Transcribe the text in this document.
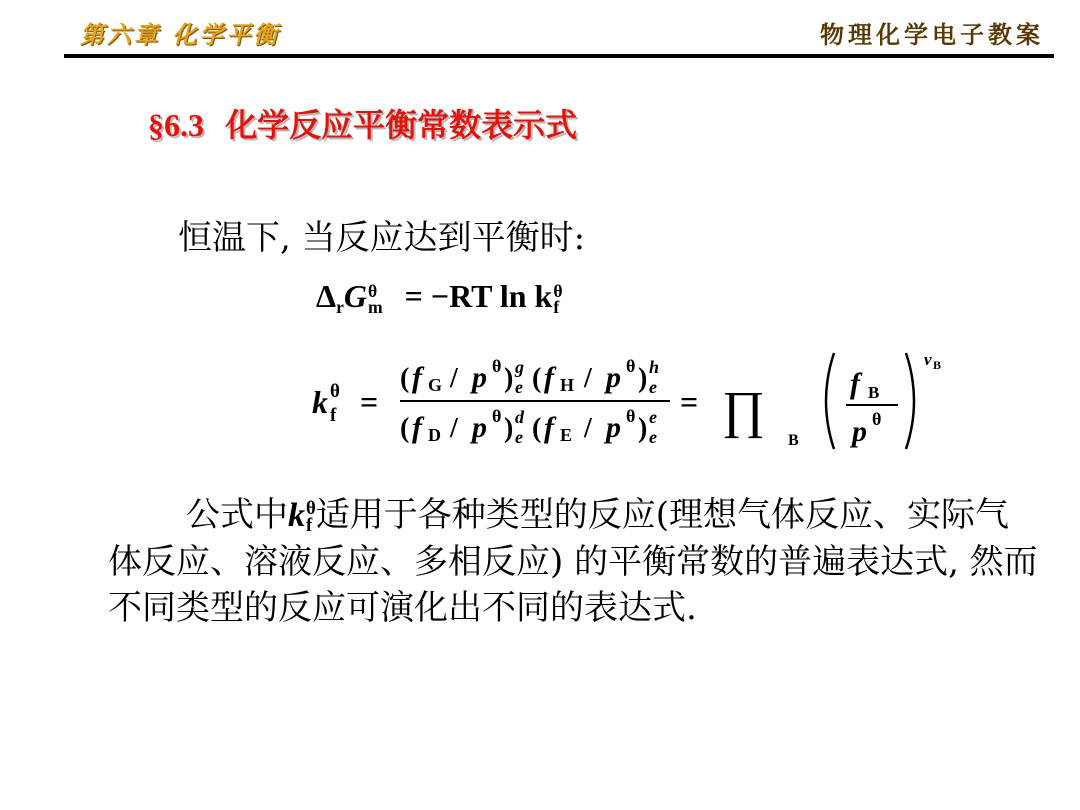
第六章 化学平衡	物理化学电子教案
§6.3 化学反应平衡常数表示式
恒温下, 当反应达到平衡时:
$\Delta_rG$ θ
m = −RT ln k θ
f
k θ
f =
( f G / p θ ) g
e ( f H / p θ ) h
e
( f D / p θ ) d
e ( f E / p θ ) e
e
= ∏
B
f B
p θ
ν B
公式中k θ
f 适用于各种类型的反应(理想气体反应、实际气体反应、溶液反应、多相反应) 的平衡常数的普遍表达式, 然而不同类型的反应可演化出不同的表达式.
